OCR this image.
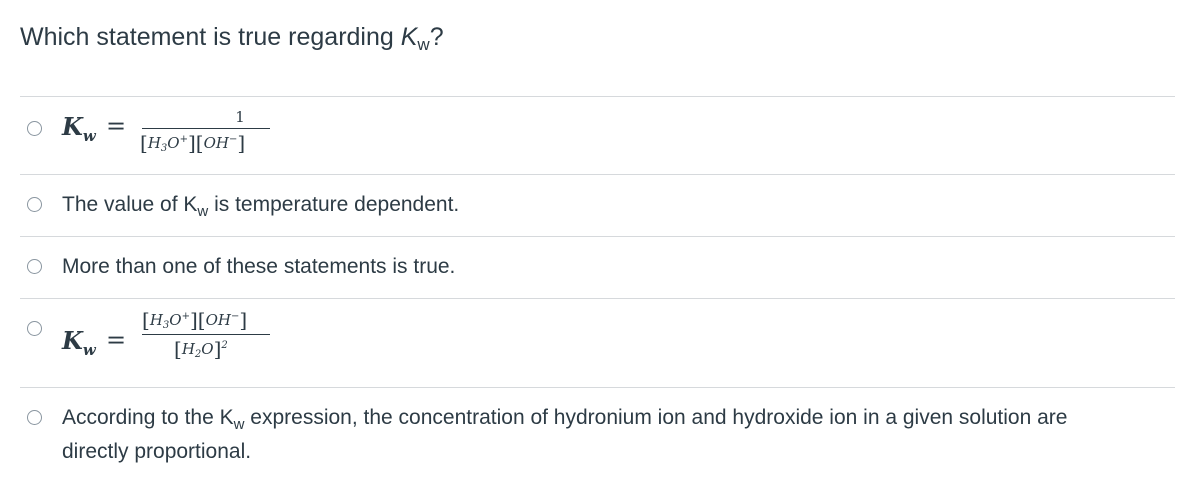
Which statement is true regarding $K_w$?
$K_w$ =	1
$[H_3O^+][OH^-]$
The value of $K_w$ is temperature dependent.
More than one of these statements is true.
$K_w$ =
$[H_3O^+][OH^-]$
$[H_2O]^2$
According to the $K_w$ expression, the concentration of hydronium ion and hydroxide ion in a given solution are
directly proportional.
